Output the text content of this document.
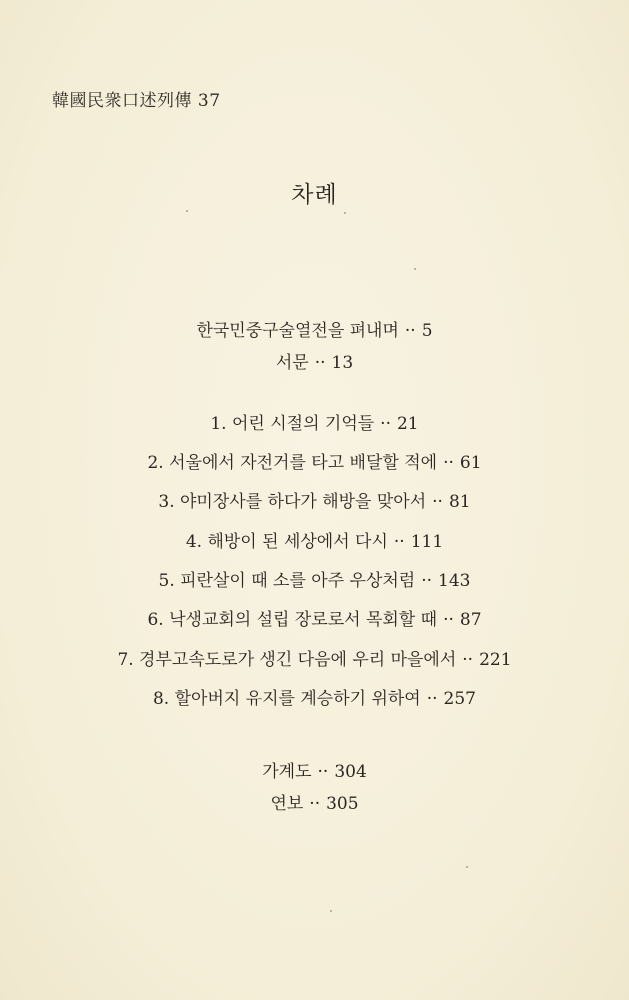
韓國民衆口述列傳 37
차례
한국민중구술열전을 펴내며 ·· 5
서문 ·· 13
1. 어린 시절의 기억들 ·· 21
2. 서울에서 자전거를 타고 배달할 적에 ·· 61
3. 야미장사를 하다가 해방을 맞아서 ·· 81
4. 해방이 된 세상에서 다시 ·· 111
5. 피란살이 때 소를 아주 우상처럼 ·· 143
6. 낙생교회의 설립 장로로서 목회할 때 ·· 87
7. 경부고속도로가 생긴 다음에 우리 마을에서 ·· 221
8. 할아버지 유지를 계승하기 위하여 ·· 257
가계도 ·· 304
연보 ·· 305
